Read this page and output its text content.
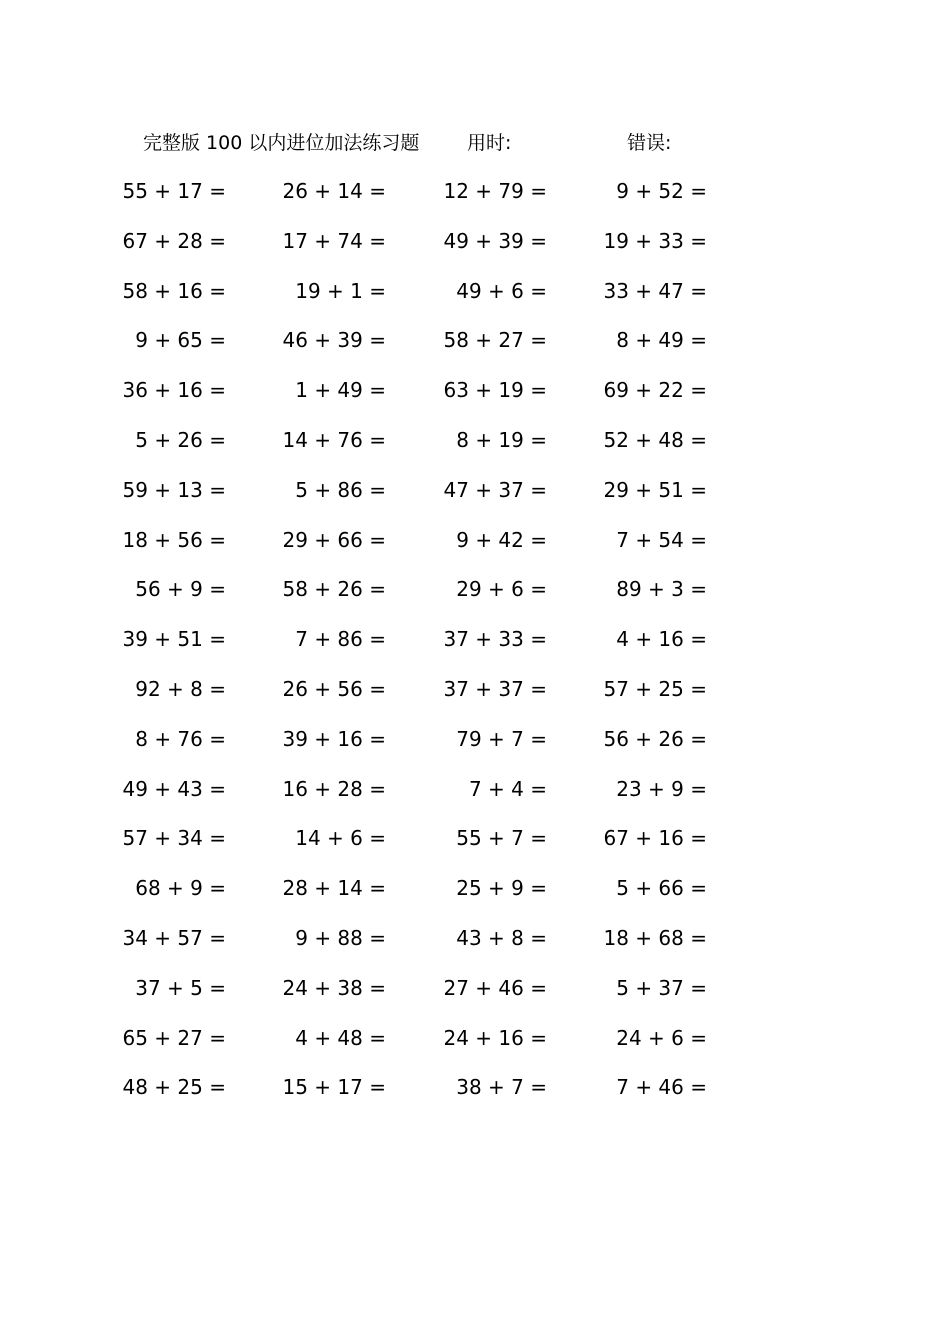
完整版 100 以内进位加法练习题	用时:	错误:
55 + 17 =	26 + 14 =	12 + 79 =	9 + 52 =
67 + 28 =	17 + 74 =	49 + 39 =	19 + 33 =
58 + 16 =	19 + 1 =	49 + 6 =	33 + 47 =
9 + 65 =	46 + 39 =	58 + 27 =	8 + 49 =
36 + 16 =	1 + 49 =	63 + 19 =	69 + 22 =
5 + 26 =	14 + 76 =	8 + 19 =	52 + 48 =
59 + 13 =	5 + 86 =	47 + 37 =	29 + 51 =
18 + 56 =	29 + 66 =	9 + 42 =	7 + 54 =
56 + 9 =	58 + 26 =	29 + 6 =	89 + 3 =
39 + 51 =	7 + 86 =	37 + 33 =	4 + 16 =
92 + 8 =	26 + 56 =	37 + 37 =	57 + 25 =
8 + 76 =	39 + 16 =	79 + 7 =	56 + 26 =
49 + 43 =	16 + 28 =	7 + 4 =	23 + 9 =
57 + 34 =	14 + 6 =	55 + 7 =	67 + 16 =
68 + 9 =	28 + 14 =	25 + 9 =	5 + 66 =
34 + 57 =	9 + 88 =	43 + 8 =	18 + 68 =
37 + 5 =	24 + 38 =	27 + 46 =	5 + 37 =
65 + 27 =	4 + 48 =	24 + 16 =	24 + 6 =
48 + 25 =	15 + 17 =	38 + 7 =	7 + 46 =
